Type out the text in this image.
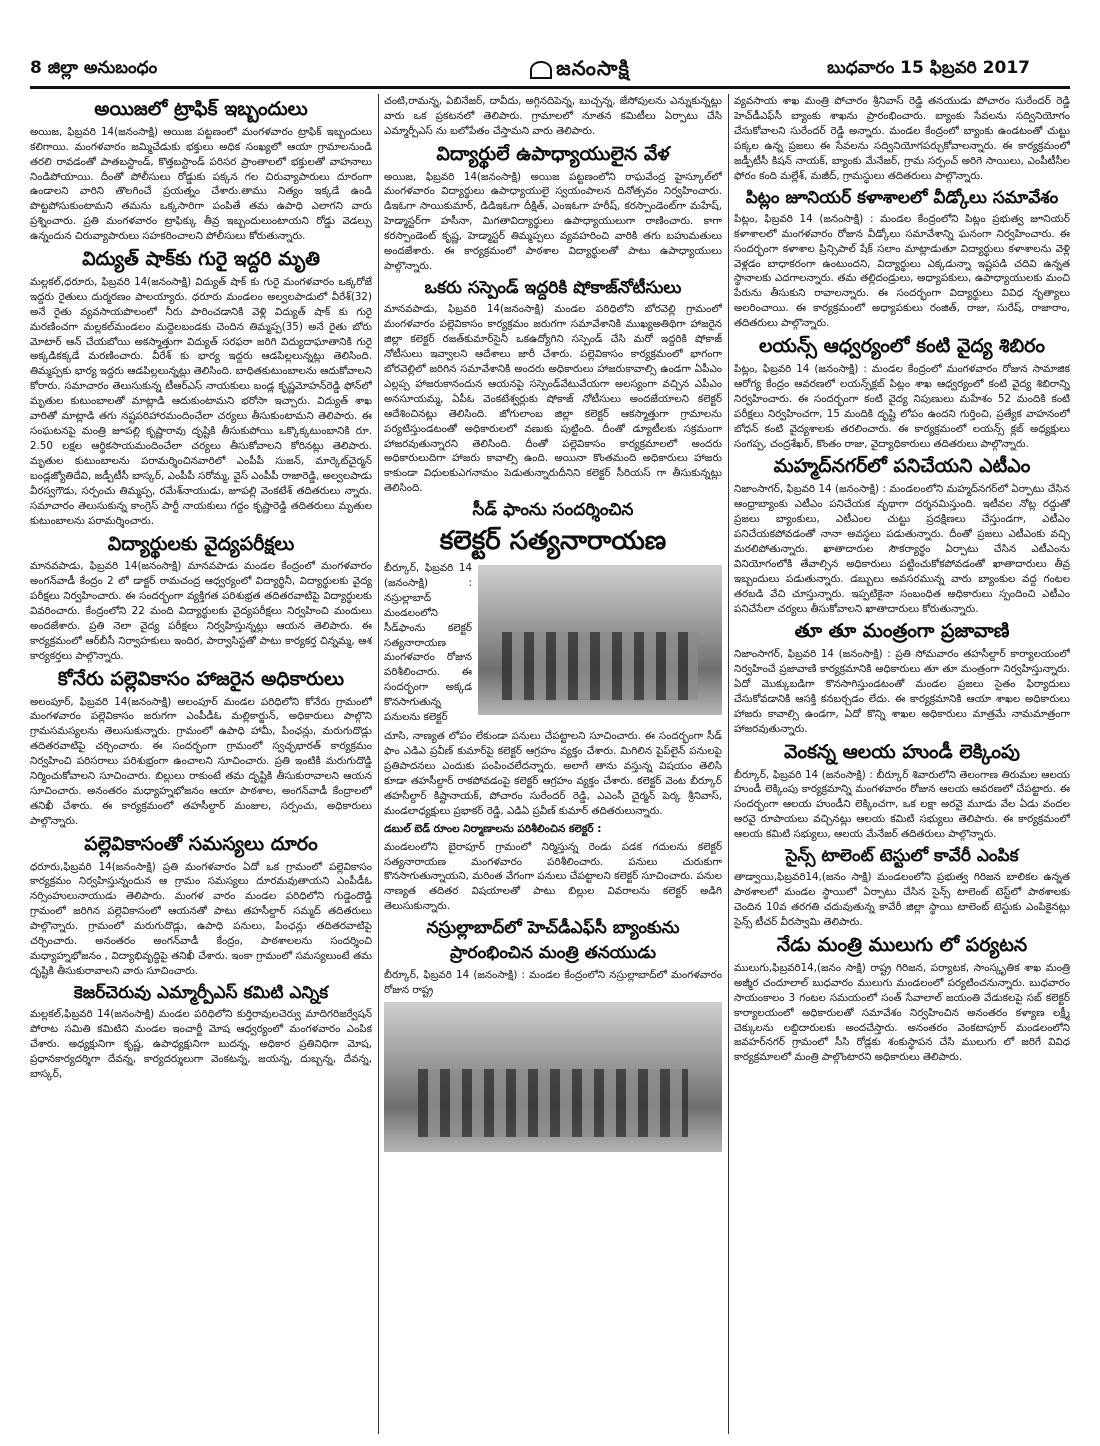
8 జిల్లా అనుబంధం	జనంసాక్షి	బుధవారం 15 ఫిబ్రవరి 2017
అయిజలో ట్రాఫిక్ ఇబ్బందులు

అయిజ, ఫిబ్రవరి 14(జనంసాక్షి) అయిజ పట్టణంలో మంగళవారం ట్రాఫిక్ ఇబ్బందులు కలిగాయి. మంగళవారం జమ్మిచేడుకు భక్తులు అధిక సంఖ్యలో ఆయా గ్రామాలనుండి తరలి రావడంతో పాతబస్టాండ్, కొత్తబస్టాండ్ పరిసర ప్రాంతాలలో భక్తులతో వాహనాలు నిండిపోయాయి. దీంతో పోలీసులు రోడ్డుకు పక్కన గల చిరువ్యాపారులు దూరంగా ఉండాలని వారిని తొలగించే ప్రయత్నం చేశారు.తాము నిత్యం ఇక్కడే ఉండి పొట్టపోసుకుంటామని తమను ఒక్కసారిగా పంపితే తమ ఉపాధి ఎలాగని వారు ప్రశ్నించారు. ప్రతి మంగళవారం ట్రాఫిక్కు తీవ్ర ఇబ్బందులుంటాయని రోడ్డు వెడల్పు ఉన్నందున చిరువ్యాపారులు సహకరించాలని పోలీసులు కోరుతున్నారు.

విద్యుత్ షాక్‌కు గురై ఇద్దరి మృతి

మల్లకల్,ధరూరు, ఫిబ్రవరి 14(జనంసాక్షి) విద్యుత్ షాక్ కు గురై మంగళవారం ఒక్కరోజే ఇద్దరు రైతులు దుర్మరణం పాలయ్యారు. ధరూరు మండలం అల్వలపాడులో వీరేశ్(32) అనే రైతు వ్యవసాయపొలంలో నీరు పారించడానికి వెళ్లి విద్యుత్ షాక్ కు గురై మరణించగా మల్లకల్‌మండలం మద్దెలబండకు చెందిన తిమ్మప్ప(35) అనే రైతు బోరు మోటార్ ఆన్ చేయబోయి అకస్మాత్తుగా విద్యుత్ సరఫరా జరిగి విద్యుదాఘాతానికి గురై అక్కడికక్కడే మరణించారు. వీరేశ్ కు భార్య ఇద్దరు ఆడపిల్లలున్నట్లు తెలిసింది. తిమ్మప్పకు భార్య ఇద్దరు ఆడపిల్లలున్నట్లు తెలిసింది. బాధితకుటుంబాలను ఆదుకోవాలని కోరారు. సమాచారం తెలుసుకున్న టీఆర్ఎస్ నాయకులు బండ్ల కృష్ణమోహన్‌రెడ్డి ఫోన్‌లో మృతుల కుటుంబాలతో మాట్లాడి ఆదుకుంటామని భరోసా ఇచ్చారు. విద్యుత్ శాఖ వారితో మాట్లాడి తగు నష్టపరిహారమందించేలా చర్యలు తీసుకుంటామని తెలిపారు. ఈ సంఘటనపై మంత్రి జూపల్లి కృష్ణారావు దృష్టికి తీసుకుపోయి ఒక్కొక్కటుంబానికి రూ. 2.50 లక్షల ఆర్థికసాయమందించేలా చర్యలు తీసుకోవాలని కోరినట్లు తెలిపారు. మృతుల కుటుంబాలను పరామర్శించినవారిలో ఎంపీపీ సుజన్, మార్కెట్‌చైర్మన్ బండ్లజ్యోతిదేవి, జడ్పీటీసీ బాస్కర్, ఎంపీపీ సరోమ్మ, వైస్ ఎంపీపీ రాజారెడ్డి, అల్వలపాడు వీరస్వగౌడు, సర్పంచు తిమ్మప్ప, రమేశ్‌నాయుడు, జూపల్లి వెంకటేశ్ తదితరులు న్నారు. సమాచారం తెలుసుకున్న కాంగ్రెస్ పార్టీ నాయకులు గద్దం కృష్ణారెడ్డి తదితరులు మృతుల కుటుంబాలను పరామర్శించారు.

విద్యార్థులకు వైద్యపరీక్షలు

మానవపాడు, ఫిబ్రవరి 14(జనంసాక్షి) మానవపాడు మండల కేంద్రంలో మంగళవారం అంగన్‌వాడీ కేంద్రం 2 లో డాక్టర్ రామచంద్ర ఆధ్వర్యంలో విద్యార్థినీ, విద్యార్థులకు వైద్య పరీక్షలు నిర్వహించారు. ఈ సందర్భంగా వ్యక్తిగత పరిశుభ్రత తదితరవాటిపై విద్యార్థులకు వివరించారు. కేంద్రంలోని 22 మంది విద్యార్థులకు వైద్యపరీక్షలు నిర్వహించి మందులు అందజేశారు. ప్రతి నెలా వైద్య పరీక్షలు నిర్వహిస్తున్నట్లు ఆయన తెలిపారు. ఈ కార్యక్రమంలో ఆర్‌బీసీ నిర్వాహకులు ఇందిర, పార్వాసిస్టతో పాటు కార్యకర్త చిన్నమ్మ, ఆశ కార్యకర్తలు పాల్గొన్నారు.

కోనేరు పల్లెవికాసం హాజరైన అధికారులు

అలంపూర్, ఫిబ్రవరి 14(జనంసాక్షి) అలంపూర్ మండల పరిధిలోని కోనేరు గ్రామంలో మంగళవారం పల్లెవికాసం జరుగగా ఎంపీడీఓ మల్లికార్జున్, అధికారులు పాల్గొని గ్రామసమస్యలను తెలుసుకున్నారు. గ్రామంలో ఉపాధి హామీ, పింఛన్లు, మరుగుదొడ్లు తదితరవాటిపై చర్చించారు. ఈ సందర్భంగా గ్రామంలో స్వచ్ఛభారత్ కార్యక్రమం నిర్వహించి పరిసరాలు పరిశుభ్రంగా ఉంచాలని సూచించారు. ప్రతి ఇంటికి మరుగుదొడ్డి నిర్మించుకోవాలని సూచించారు. బిల్లులు రాకుంటే తమ దృష్టికి తీసుకురావాలని ఆయన సూచించారు. అనంతరం మధ్యాహ్నభోజనం ఆయా పాఠశాల, అంగన్‌వాడీ కేంద్రాలలో తనిఖీ చేశారు. ఈ కార్యక్రమంలో తహసీల్దార్ మంజుల, సర్పంచు, అధికారులు పాల్గొన్నారు.

పల్లెవికాసంతో సమస్యలు దూరం

ధరూరు,ఫిబ్రవరి 14(జనంసాక్షి) ప్రతి మంగళవారం ఏదో ఒక గ్రామంలో పల్లెవికాసం కార్యక్రమం నిర్వహిస్తున్నందున ఆ గ్రామం సమస్యలు దూరమవుతాయని ఎంపీడీఓ నర్సింహులునాయుడు తెలిపారు. మంగళ వారం మండల పరిధిలోని గుడ్డెందొడ్డి గ్రామంలో జరిగిన పల్లెవికాసంలో ఆయనతో పాటు తహసీల్దార్ సమ్మద్ తదితరులు పాల్గొన్నారు. గ్రామంలో మరుగుదొడ్లు, ఉపాధి పనులు, పింఛన్లు తదితరవాటిపై చర్చించారు. అనంతరం అంగన్‌వాడీ కేంద్రం, పాఠశాలలను సందర్శించి మధ్యాహ్నభోజనం , విద్యాభివృద్ధిపై తనిఖీ చేశారు. ఇంకా గ్రామంలో సమస్యలుంటే తమ దృష్టికి తీసుకురావాలని వారు సూచించారు.

కెజర్‌చెరువు ఎమ్మార్పీఎస్ కమిటి ఎన్నిక

మల్లకల్,ఫిబ్రవరి 14(జనంసాక్షి) మండల పరిధిలోని కుర్తిరావులచెర్వు మాదిగరిజర్వేషన్ పోరాట సమితి కమిటిని మండల ఇంచార్జీ మోష ఆధ్వర్యంలో మంగళవారం ఎంపిక చేశారు. అధ్యక్షునిగా కృష్ణ, ఉపాధ్యక్షునిగా బుదన్న, అధికార ప్రతినిధిగా మోష, ప్రధానకార్యదర్శిగా దేవన్న, కార్యదర్శులుగా వెంకటన్న, జయన్న, దుబ్బన్న, దేవన్న, బాస్కర్,

చంటి,రామన్న, ఏబినేజర్, దావీదు, అగ్గినదిపెన్న, బుచ్చన్న, జేసోపులను ఎన్నుకున్నట్లు వారు ఒక ప్రకటనలో తెలిపారు. గ్రామాలలో నూతన కమిటీలు ఏర్పాటు చేసి ఎమ్మార్పీఎస్ ను బలోపేతం చేస్తామని వారు తెలిపారు.

విద్యార్థులే ఉపాధ్యాయులైన వేళ

అయిజ, ఫిబ్రవరి 14(జనంసాక్షి) అయిజ పట్టణంలోని రాఘవేంద్ర హైస్కూల్‌లో మంగళవారం విద్యార్థులు ఉపాధ్యాయులై స్వయంపాలన దినోత్సవం నిర్వహించారు. డిఇఓగా సాయికుమార్, డిడిఇఓగా దీక్షిత్, ఎంఇఓగా హరీష్, కరస్పాండెంట్‌గా మహేష్, హెడ్మాస్టర్‌గా హసీనా, మిగతావిద్యార్థులు ఉపాధ్యాయులుగా రాణించారు. కాగా కరస్పాండెంట్ కృష్ణ, హెడ్మాస్టర్ తిమ్మప్పలు వ్యవహరించి వారికి తగు బహుమతులు అందజేశారు. ఈ కార్యక్రమంలో పాఠశాల విద్యార్థులతో పాటు ఉపాధ్యాయులు పాల్గొన్నారు.

ఒకరు సస్పెండ్ ఇద్దరికి షోకాజ్‌నోటీసులు

మానవపాడు, ఫిబ్రవరి 14(జనంసాక్షి) మండల పరిధిలోని బోరవెల్లి గ్రామంలో మంగళవారం పల్లెవికాసం కార్యక్రమం జరుగగా సమావేశానికి ముఖ్యఅతిథిగా హాజరైన జిల్లా కలెక్టర్ రజత్‌కుమార్‌సైనీ ఒకఉద్యోగిని సస్పెండ్ చేసి మరో ఇద్దరికి షోకాజ్ నోటీసులు ఇవ్వాలని ఆదేశాలు జారీ చేశారు. పల్లెవికాసం కార్యక్రమంలో భాగంగా బోరవెల్లిలో జరిగిన సమావేశానికి అందరు అధికారులు హాజరుకావాల్సి ఉండగా ఏపీఎం ఎల్లప్ప హాజరుకానందున ఆయనపై సస్పెండ్‌వేటువేయగా అలస్యంగా వచ్చిన ఎపీఎం అనసూయమ్మ, ఏపీఓ వెంకటేశ్వర్లుకు షోకాజ్ నోటీసులు అందజేయాలని కలెక్టర్ ఆదేశించినట్లు తెలిసింది. జోగులాంబ జిల్లా కలెక్టర్ ఆకస్మాత్తుగా గ్రామాలను పర్యటిస్తుండటంతో అధికారులలో వణుకు పుట్టింది. దీంతో డ్యూటీలకు సక్రమంగా హాజరవుతున్నారని తెలిసింది. దీంతో పల్లెవికాసం కార్యక్రమాలలో అందరు అధికారులుదిగా హాజరు కావాల్సి ఉంది. అయినా కొంతమంది అధికారులు హాజరు కాకుండా విధులకుఎగనామం పెడుతున్నారుదీనిని కలెక్టర్ సీరియస్ గా తీసుకున్నట్లు తెలిసింది.

సీడ్ ఫాంను సందర్శించిన
కలెక్టర్ సత్యనారాయణ

బీర్కూర్, ఫిబ్రవరి 14 (జనంసాక్షి) : నస్రుల్లాబాద్ మండలంలోని సీడ్‌ఫాంను కలెక్టర్ సత్యనారాయణ మంగళవారం రోజున పరిశీలించారు. ఈ సందర్భంగా అక్కడ కొనసాగుతున్న పనులను కలెక్టర్

చూసి, నాణ్యత లోపం లేకుండా పనులు చేపట్టాలని సూచించారు. ఈ సందర్భంగా సీడ్ ఫాం ఎడిఎ ప్రవీణ్ కుమార్‌పై కలెక్టర్ ఆగ్రహం వ్యక్తం చేశారు. మిగిలిన పైప్‌లైన్ పనులపై ప్రతిపాదనలు ఎందుకు పంపించలేదన్నారు. అలాగే తాను వస్తున్న విషయం తెలిసి కూడా తహసీల్దార్ రాకపోవడంపై కలెక్టర్ ఆగ్రహం వ్యక్తం చేశారు. కలెక్టర్ వెంట బీర్కూర్ తహసీల్దార్ కిష్టానాయక్, పోచారం సురేందర్ రెడ్డి, ఎఎంసీ చైర్మన్ పెర్క శ్రీనివాస్, మండలాధ్యక్షులు ప్రభాకర్ రెడ్డి, ఎడిఏ ప్రవీణ్ కుమార్ తదితరులున్నారు.

డబుల్ బెడ్ రూంల నిర్మాణాలను పరిశీలించిన కలెక్టర్ :

మండలంలోని బైరాపూర్ గ్రామంలో నిర్మిస్తున్న రెండు పడక గదులను కలెక్టర్ సత్యనారాయణ మంగళవారం పరిశీలించారు. పనులు చురుకుగా కొనసాగుతున్నాయని, మరింత వేగంగా పనులు చేపట్టాలని కలెక్టర్ సూచించారు. పనుల నాణ్యత తదితర విషయాలతో పాటు బిల్లుల వివరాలను కలెక్టర్ అడిగి తెలుసుకున్నారు.

నస్రుల్లాబాద్‌లో హెచ్‌డీఎఫ్‌సీ బ్యాంకును
ప్రారంభించిన మంత్రి తనయుడు

బీర్కూర్, ఫిబ్రవరి 14 (జనంసాక్షి) : మండల కేంద్రంలోని నస్రుల్లాబాద్‌లో మంగళవారం రోజున రాష్ట్ర

వ్యవసాయ శాఖ మంత్రి పోచారం శ్రీనివాస్ రెడ్డి తనయుడు పోచారం సురేందర్ రెడ్డి హెచ్‌డీఎఫ్‌సీ బ్యాంకు శాఖను ప్రారంభించారు. బ్యాంకు సేవలను సద్వినియోగం చేసుకోవాలని సురేందర్ రెడ్డి అన్నారు. మండల కేంద్రంలో బ్యాంకు ఉండటంతో చుట్టు పక్కల ఉన్న ప్రజలు ఈ సేవలను సద్వినియోగపర్చుకోవాలన్నారు. ఈ కార్యక్రమంలో జడ్పీటీసీ కిషన్ నాయక్, బ్యాంకు మేనేజర్, గ్రామ సర్పంచ్ అరిగె సాయిలు, ఎంపీటీసీల ఫోరం కంది మల్లేశ్, మజీద్, గ్రామస్థులు తదితరులు పాల్గొన్నారు.

పిట్లం జూనియర్ కళాశాలలో వీడ్కోలు సమావేశం

పిట్లం, ఫిబ్రవరి 14 (జనంసాక్షి) : మండల కేంద్రంలోని పిట్లం ప్రభుత్వ జూనియర్ కళాశాలలో మంగళవారం రోజున వీడ్కోలు సమావేశాన్ని ఘనంగా నిర్వహించారు. ఈ సందర్భంగా కళాశాల ప్రిన్సిపాల్ షేక్ సలాం మాట్లాడుతూ విద్యార్థులు కళాశాలను వెళ్లి వెళ్లడం బాధాకరంగా ఉంటుందని, విద్యార్థులు ఎక్కడున్నా ఇష్టపడి చదివి ఉన్నత స్థానాలకు ఎదగాలన్నారు. తమ తల్లిదండ్రులు, అధ్యాపకులు, ఉపాధ్యాయులకు మంచి పేరును తీసుకుని రావాలన్నారు. ఈ సందర్భంగా విద్యార్థులు వివిధ నృత్యాలు అలరించాయి. ఈ కార్యక్రమంలో అధ్యాపకులు రంజిత్, రాజు, సురేష్, రాజారాం, తదితరులు పాల్గొన్నారు.

లయన్స్ ఆధ్వర్యంలో కంటి వైద్య శిబిరం

పిట్లం, ఫిబ్రవరి 14 (జనంసాక్షి) : మండల కేంద్రంలో మంగళవారం రోజున సామాజిక ఆరోగ్య కేంద్రం ఆవరణలో లయన్స్‌క్లబ్ పిట్లం శాఖ ఆధ్వర్యంలో కంటి వైద్య శిబిరాన్ని నిర్వహించారు. ఈ సందర్భంగా కంటి వైద్య నిపుణులు మహేశం 52 మందికి కంటి పరీక్షలు నిర్వహించగా, 15 మందికి దృష్టి లోపం ఉందని గుర్తించి, ప్రత్యేక వాహనంలో బోధన్ కంటి వైద్యశాలకు తరలించారు. ఈ కార్యక్రమంలో లయన్స్ క్లబ్ అధ్యక్షులు సంగప్ప, చంద్రశేఖర్, కొంతం రాజు, వైద్యాధికారులు తదితరులు పాల్గొన్నారు.

మహ్మద్‌నగర్‌లో పనిచేయని ఎటీఎం

నిజాంసాగర్, ఫిబ్రవరి 14 (జనంసాక్షి) : మండలంలోని మహ్మద్‌నగర్‌లో ఏర్పాటు చేసిన ఆంధ్రాబ్యాంకు ఎటీఎం పనిచేయక వృథాగా దర్శనమిస్తుంది. ఇటీవల నోట్ల రద్దుతో ప్రజలు బ్యాంకులు, ఎటీఎంల చుట్టు ప్రదక్షిణలు చేస్తుండగా, ఎటీఎం పనిచేయకపోవడంతో నానా అవస్థలు పడుతున్నారు. దీంతో ప్రజలు ఎటీఎంకు వచ్చి మరలిపోతున్నారు. ఖాతాదారుల సౌకర్యార్థం ఏర్పాటు చేసిన ఎటీఎంను వినియోగంలోకి తేవాల్సిన అధికారులు పట్టించుకోకపోవడంతో ఖాతాదారులు తీవ్ర ఇబ్బందులు పడుతున్నారు. డబ్బులు అవసరమున్న వారు బ్యాంకుల వద్ద గంటల తరబడి వేచి చూస్తున్నారు. ఇప్పటికైనా సంబంధిత అధికారులు స్పందించి ఎటీఎం పనిచేసేలా చర్యలు తీసుకోవాలని ఖాతాదారులు కోరుతున్నారు.

తూ తూ మంత్రంగా ప్రజావాణి

నిజాంసాగర్, ఫిబ్రవరి 14 (జనంసాక్షి) : ప్రతి సోమవారం తహసీల్దార్ కార్యాలయంలో నిర్వహించే ప్రజావాణి కార్యక్రమానికి అధికారులు తూ తూ మంత్రంగా నిర్వహిస్తున్నారు. ఏదో మొక్కుబడిగా కొనసాగిస్తుండటంతో మండల ప్రజలు సైతం ఫిర్యాదులు చేసుకోవడానికి ఆసక్తి కనబర్చడం లేదు. ఈ కార్యక్రమానికి ఆయా శాఖల అధికారులు హాజరు కావాల్సి ఉండగా, ఏదో కొన్ని శాఖల అధికారులు మాత్రమే నామమాత్రంగా హాజరవుతున్నారు.

వెంకన్న ఆలయ హుండీ లెక్కింపు

బీర్కూర్, ఫిబ్రవరి 14 (జనంసాక్షి) : బీర్కూర్ శివారులోని తెలంగాణ తిరుమల ఆలయ హుండీ లెక్కింపు కార్యక్రమాన్ని మంగళవారం రోజున ఆలయ ఆవరణలో చేపట్టారు. ఈ సందర్భంగా ఆలయ హుండీని లెక్కించగా, ఒక లక్షా అరవై మూడు వేల ఏడు వందల ఆరవై రూపాయలు వచ్చినట్లు ఆలయ కమిటి సభ్యులు తెలిపారు. ఈ కార్యక్రమంలో ఆలయ కమిటి సభ్యులు, ఆలయ మేనేజర్ తదితరులు పాల్గొన్నారు.

సైన్స్ టాలెంట్ టెస్టులో కావేరీ ఎంపిక

తాడ్వాయి,ఫిబ్రవరి14,(జనం సాక్షి) మండలంలోని ప్రభుత్వ గిరిజన బాలికల ఉన్నత పాఠశాలలో మండల స్థాయిలో ఏర్పాటు చేసిన సైన్స్ టాలెంట్ టెస్ట్‌లో పాఠశాలకు చెందిన 10వ తరగతి చదువుతున్న కావేరీ జిల్లా స్థాయి టాలెంట్ టెస్టుకు ఎంపికైనట్లు సైన్స్ టీచర్ వీరస్వామి తెలిపారు.

నేడు మంత్రి ములుగు లో పర్యటన

ములుగు,ఫిబ్రవరి14,(జనం సాక్షి) రాష్ట్ర గిరిజన, పర్యాటక, సాంస్కృతిక శాఖ మంత్రి అజ్మీర చందూలాల్ బుధవారం ములుగు మండలంలో పర్యటించనున్నారు. బుధవారం సాయంకాలం 3 గంటల సమయంలో సంత్ సేవాలాల్ జయంతి వేడుకలపై సబ్ కలెక్టర్ కార్యాలయంలో అధికారులతో సమావేశం నిర్వహించిన అనంతరం కళ్యాణ లక్ష్మీ చెక్కులను లబ్దిదారులకు అందచేస్తారు. అనంతరం వెంకటాపూర్ మండలంలోని జవహర్‌నగర్ గ్రామంలో సీసి రోడ్లకు శంకుస్థాపన చేసి ములుగు లో జరిగే వివిధ కార్యక్రమాలలో మంత్రి పాల్గొంటారని అధికారులు తెలిపారు.
